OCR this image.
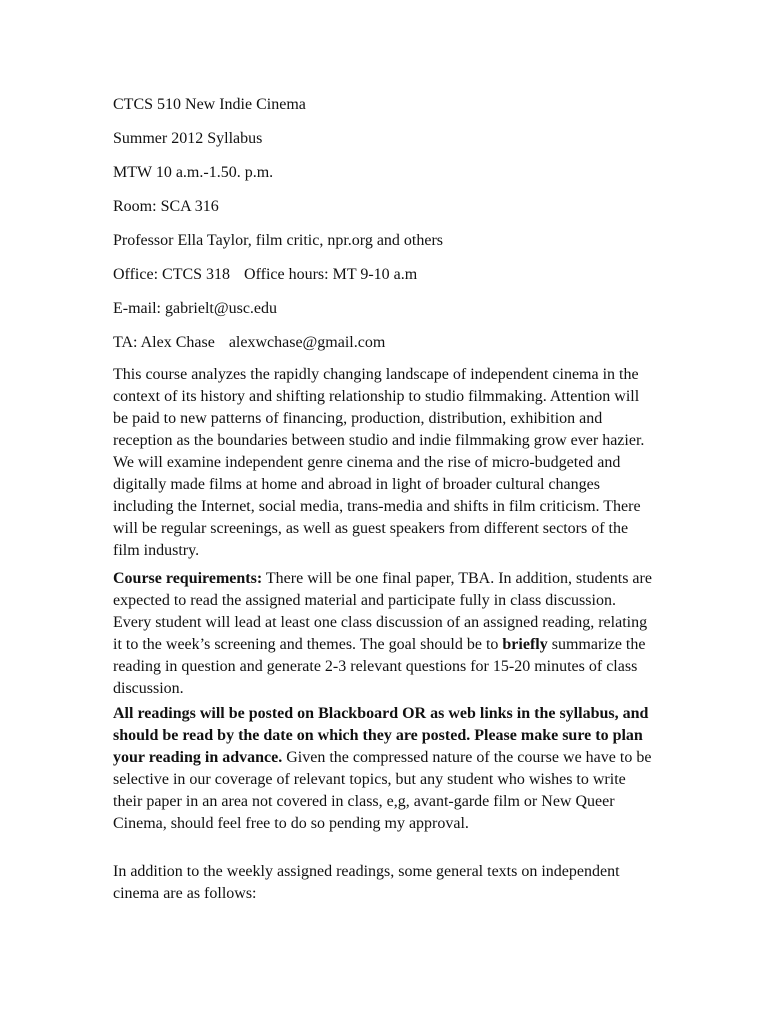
CTCS 510 New Indie Cinema

Summer 2012 Syllabus

MTW 10 a.m.-1.50. p.m.

Room: SCA 316

Professor Ella Taylor, film critic, npr.org and others

Office: CTCS 318 Office hours: MT 9-10 a.m

E-mail: gabrielt@usc.edu

TA: Alex Chase alexwchase@gmail.com

This course analyzes the rapidly changing landscape of independent cinema in the context of its history and shifting relationship to studio filmmaking. Attention will be paid to new patterns of financing, production, distribution, exhibition and reception as the boundaries between studio and indie filmmaking grow ever hazier. We will examine independent genre cinema and the rise of micro-budgeted and digitally made films at home and abroad in light of broader cultural changes including the Internet, social media, trans-media and shifts in film criticism. There will be regular screenings, as well as guest speakers from different sectors of the film industry.

Course requirements: There will be one final paper, TBA. In addition, students are expected to read the assigned material and participate fully in class discussion. Every student will lead at least one class discussion of an assigned reading, relating it to the week’s screening and themes. The goal should be to briefly summarize the reading in question and generate 2-3 relevant questions for 15-20 minutes of class discussion.

All readings will be posted on Blackboard OR as web links in the syllabus, and should be read by the date on which they are posted. Please make sure to plan your reading in advance. Given the compressed nature of the course we have to be selective in our coverage of relevant topics, but any student who wishes to write their paper in an area not covered in class, e,g, avant-garde film or New Queer Cinema, should feel free to do so pending my approval.

In addition to the weekly assigned readings, some general texts on independent cinema are as follows:
